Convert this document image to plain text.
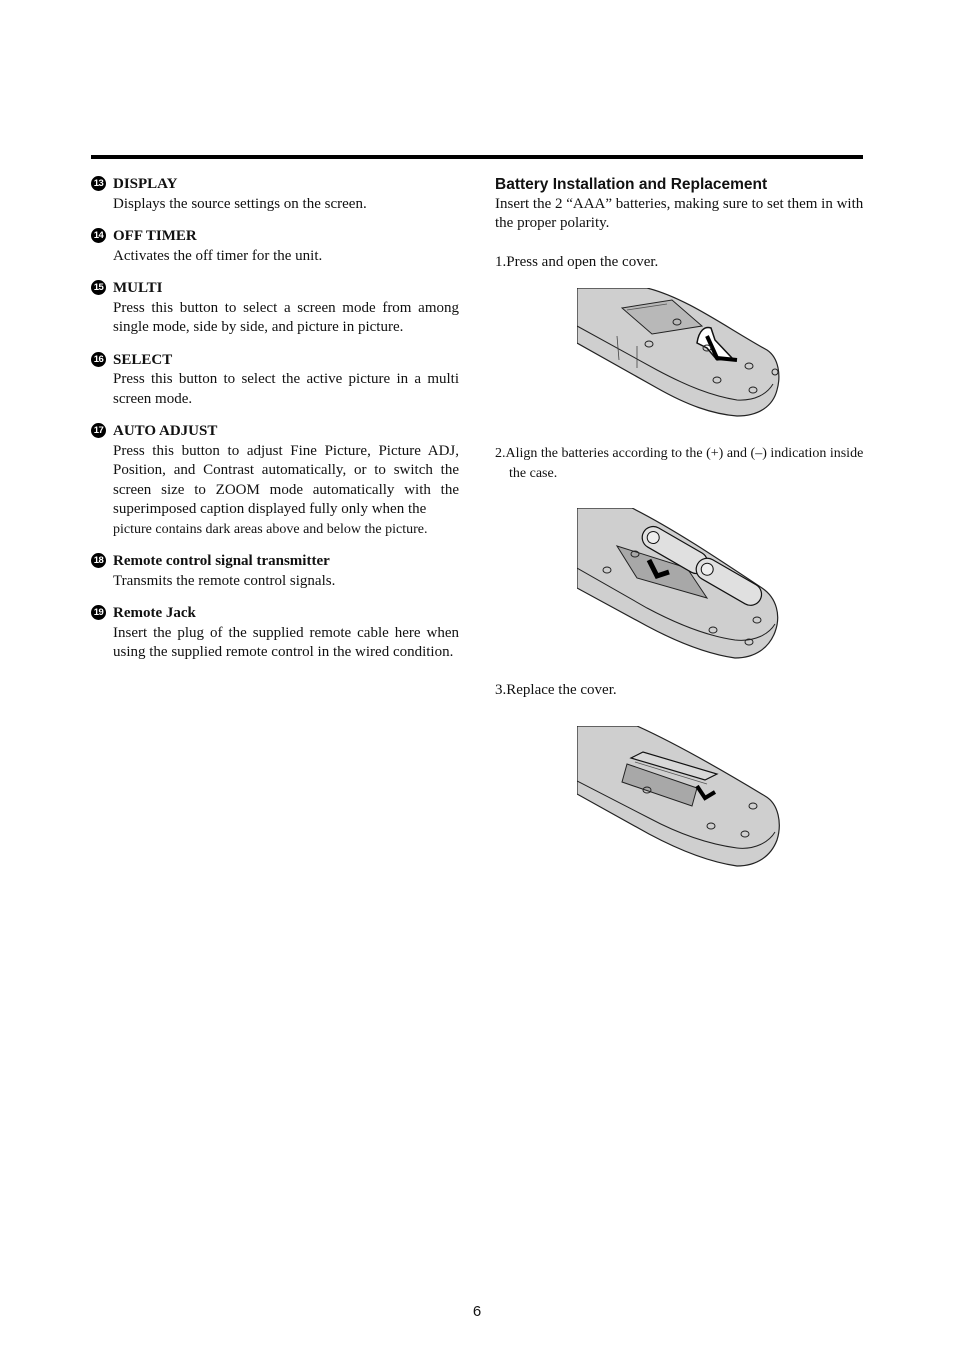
13 DISPLAY
Displays the source settings on the screen.
14 OFF TIMER
Activates the off timer for the unit.
15 MULTI
Press this button to select a screen mode from among single mode, side by side, and picture in picture.
16 SELECT
Press this button to select the active picture in a multi screen mode.
17 AUTO ADJUST
Press this button to adjust Fine Picture, Picture ADJ, Position, and Contrast automatically, or to switch the screen size to ZOOM mode automatically with the superimposed caption displayed fully only when the
picture contains dark areas above and below the picture.
18 Remote control signal transmitter
Transmits the remote control signals.
19 Remote Jack
Insert the plug of the supplied remote cable here when using the supplied remote control in the wired condition.
Battery Installation and Replacement
Insert the 2 “AAA” batteries, making sure to set them in with the proper polarity.
1.Press and open the cover.
2.Align the batteries according to the (+) and (–) indication inside the case.
3.Replace the cover.
6
